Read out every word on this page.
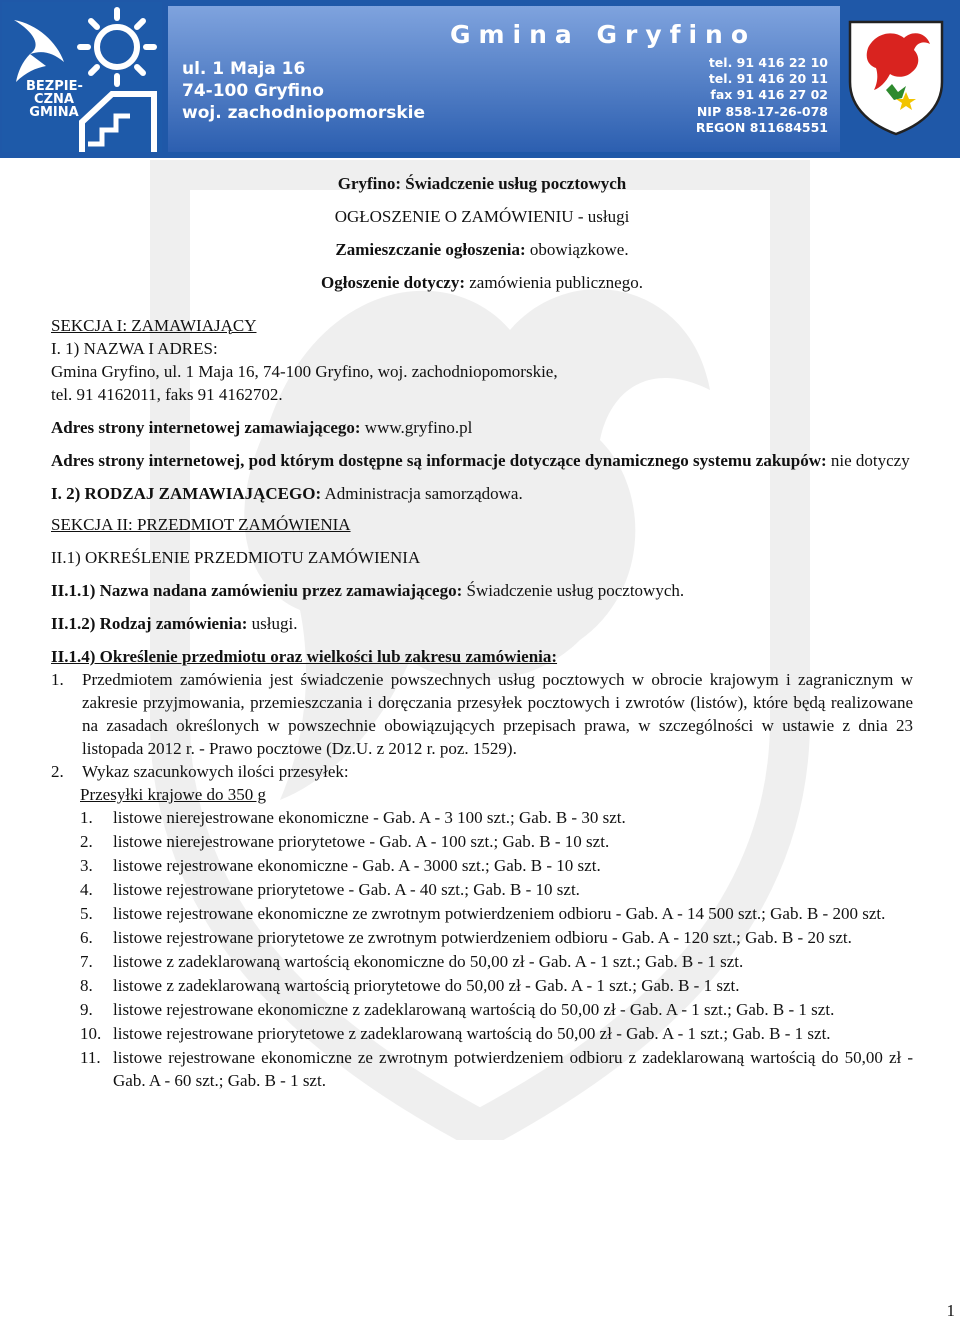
BEZPIE-
CZNA
GMINA
Gmina Gryfino
ul. 1 Maja 16
74-100 Gryfino
woj. zachodniopomorskie
tel. 91 416 22 10
tel. 91 416 20 11
fax 91 416 27 02
NIP 858-17-26-078
REGON 811684551
Gryfino: Świadczenie usług pocztowych
OGŁOSZENIE O ZAMÓWIENIU - usługi
Zamieszczanie ogłoszenia: obowiązkowe.
Ogłoszenie dotyczy: zamówienia publicznego.

SEKCJA I: ZAMAWIAJĄCY

I. 1) NAZWA I ADRES:

Gmina Gryfino, ul. 1 Maja 16, 74-100 Gryfino, woj. zachodniopomorskie,

tel. 91 4162011, faks 91 4162702.

Adres strony internetowej zamawiającego: www.gryfino.pl

Adres strony internetowej, pod którym dostępne są informacje dotyczące dynamicznego systemu zakupów: nie dotyczy

I. 2) RODZAJ ZAMAWIAJĄCEGO: Administracja samorządowa.

SEKCJA II: PRZEDMIOT ZAMÓWIENIA

II.1) OKREŚLENIE PRZEDMIOTU ZAMÓWIENIA

II.1.1) Nazwa nadana zamówieniu przez zamawiającego: Świadczenie usług pocztowych.

II.1.2) Rodzaj zamówienia: usługi.

II.1.4) Określenie przedmiotu oraz wielkości lub zakresu zamówienia:

1.	Przedmiotem zamówienia jest świadczenie powszechnych usług pocztowych w obrocie krajowym i zagranicznym w zakresie przyjmowania, przemieszczania i doręczania przesyłek pocztowych i zwrotów (listów), które będą realizowane na zasadach określonych w powszechnie obowiązujących przepisach prawa, w szczególności w ustawie z dnia 23 listopada 2012 r. - Prawo pocztowe (Dz.U. z 2012 r. poz. 1529).
2.	Wykaz szacunkowych ilości przesyłek:

Przesyłki krajowe do 350 g

1.	listowe nierejestrowane ekonomiczne - Gab. A - 3 100 szt.; Gab. B - 30 szt.
2.	listowe nierejestrowane priorytetowe - Gab. A - 100 szt.; Gab. B - 10 szt.
3.	listowe rejestrowane ekonomiczne - Gab. A - 3000 szt.; Gab. B - 10 szt.
4.	listowe rejestrowane priorytetowe - Gab. A - 40 szt.; Gab. B - 10 szt.
5.	listowe rejestrowane ekonomiczne ze zwrotnym potwierdzeniem odbioru - Gab. A - 14 500 szt.; Gab. B - 200 szt.
6.	listowe rejestrowane priorytetowe ze zwrotnym potwierdzeniem odbioru - Gab. A - 120 szt.; Gab. B - 20 szt.
7.	listowe z zadeklarowaną wartością ekonomiczne do 50,00 zł - Gab. A - 1 szt.; Gab. B - 1 szt.
8.	listowe z zadeklarowaną wartością priorytetowe do 50,00 zł - Gab. A - 1 szt.; Gab. B - 1 szt.
9.	listowe rejestrowane ekonomiczne z zadeklarowaną wartością do 50,00 zł - Gab. A - 1 szt.; Gab. B - 1 szt.
10. listowe rejestrowane priorytetowe z zadeklarowaną wartością do 50,00 zł - Gab. A - 1 szt.; Gab. B - 1 szt.
11. listowe rejestrowane ekonomiczne ze zwrotnym potwierdzeniem odbioru z zadeklarowaną wartością do 50,00 zł - Gab. A - 60 szt.; Gab. B - 1 szt.
1
